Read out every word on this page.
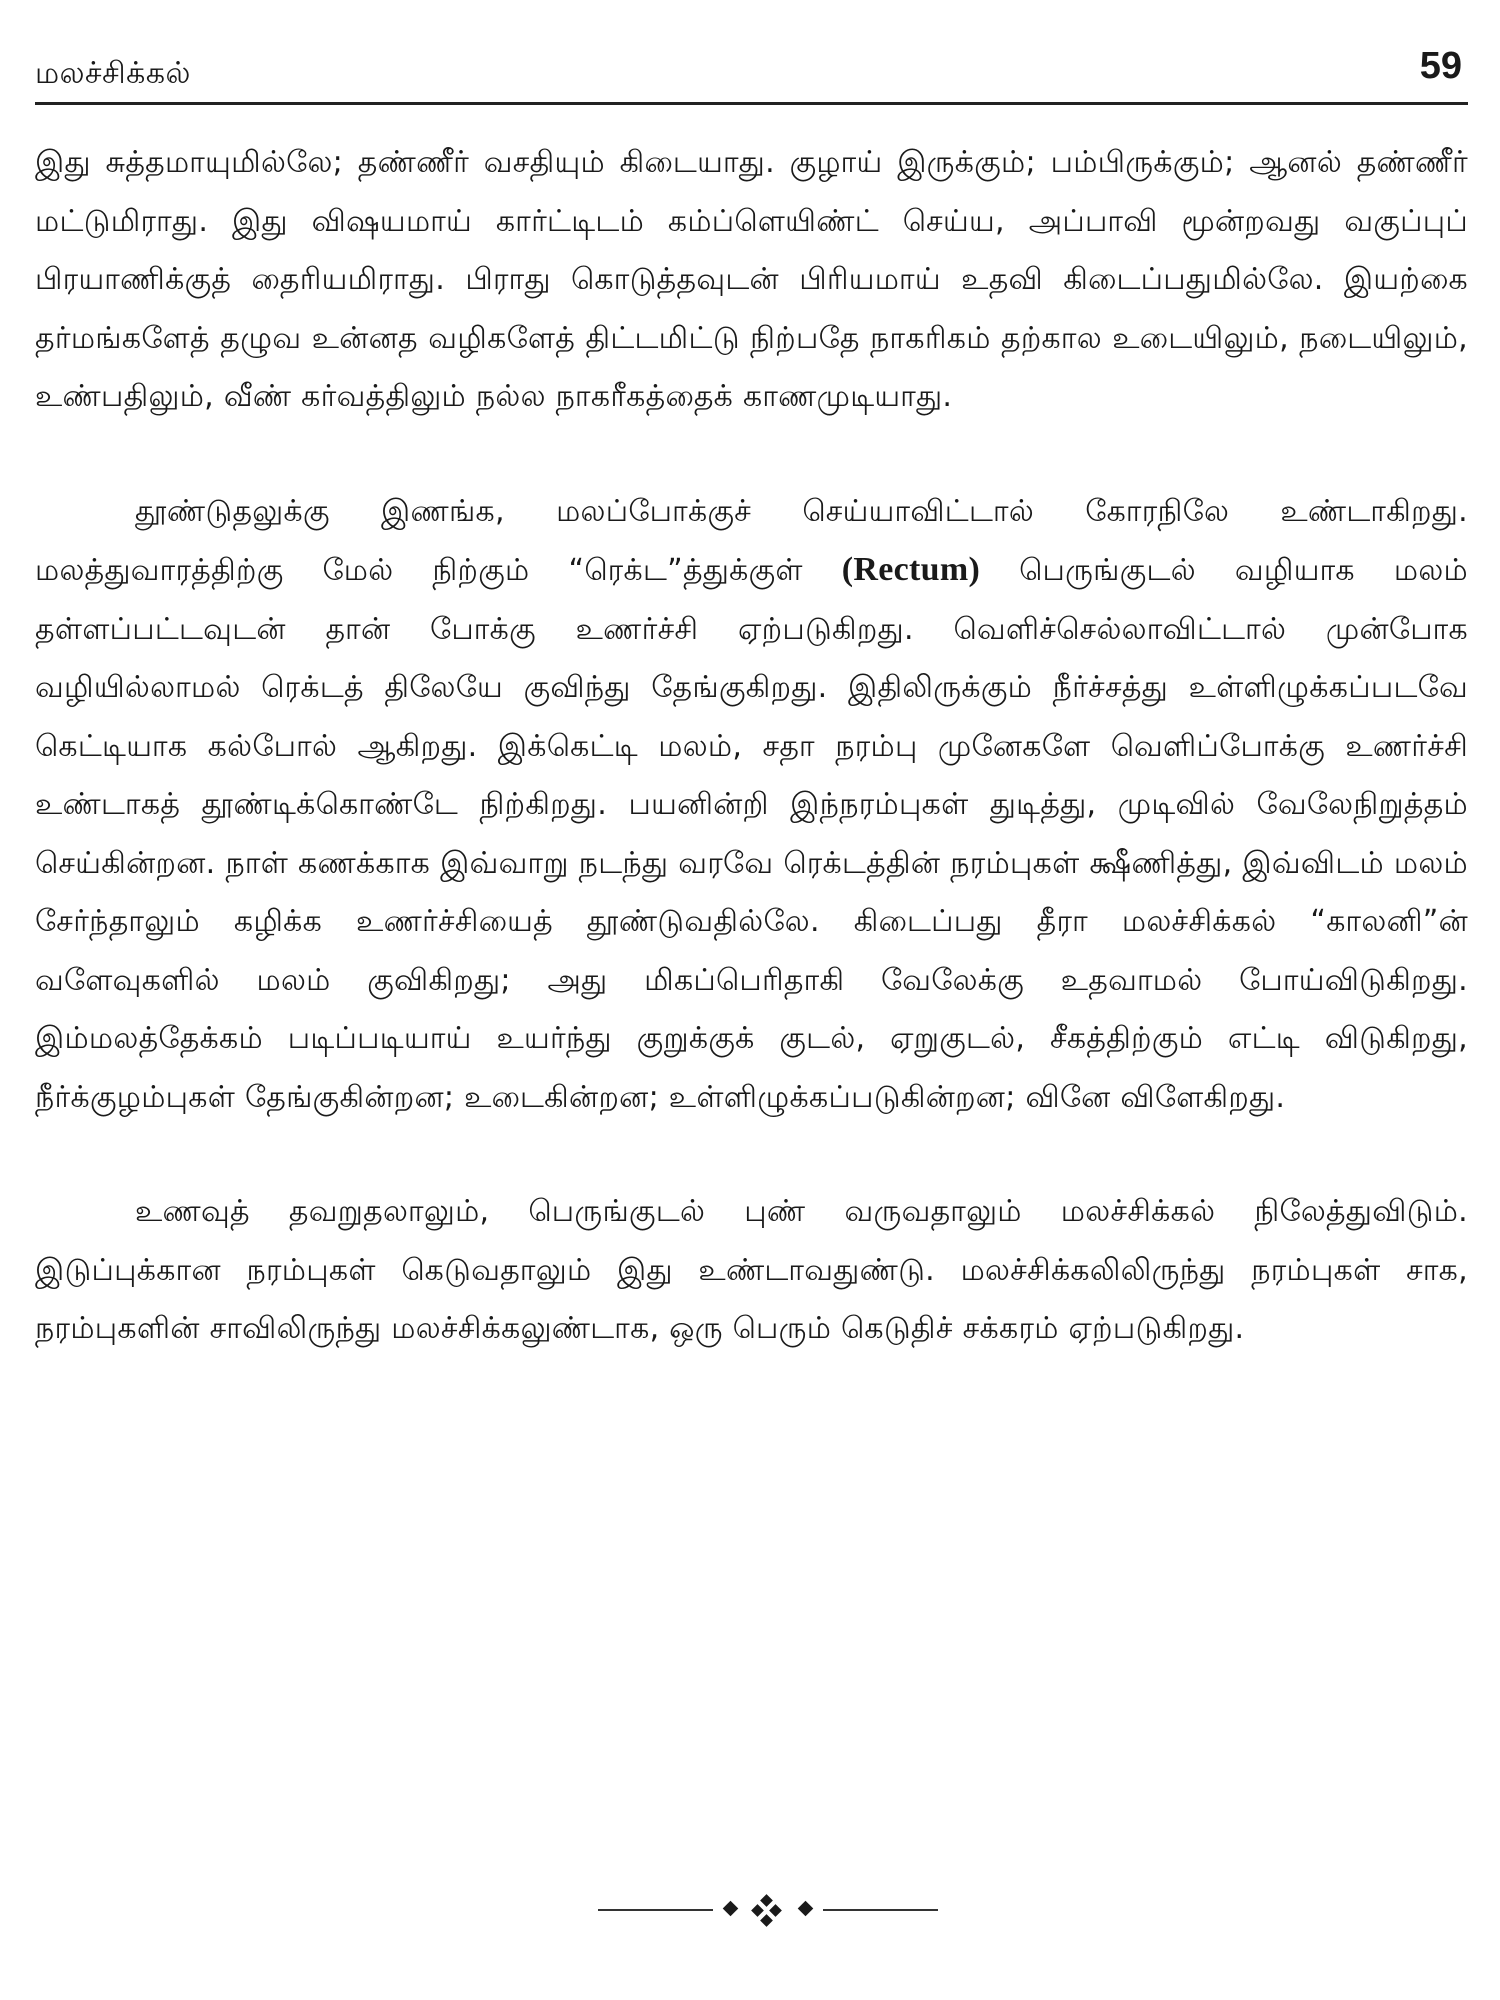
மலச்சிக்கல்	59

இது சுத்தமாயுமில்லே; தண்ணீர் வசதியும் கிடையாது. குழாய் இருக்கும்; பம்பிருக்கும்; ஆனல் தண்ணீர் மட்டுமிராது. இது விஷயமாய் கார்ட்டிடம் கம்ப்ளெயிண்ட் செய்ய, அப்பாவி மூன்றவது வகுப்புப் பிரயாணிக்குத் தைரியமிராது. பிராது கொடுத்தவுடன் பிரியமாய் உதவி கிடைப்பதுமில்லே. இயற்கை தர்மங்களேத் தழுவ உன்னத வழிகளேத் திட்டமிட்டு நிற்பதே நாகரிகம் தற்கால உடையிலும், நடையிலும், உண்பதிலும், வீண் கர்வத்திலும் நல்ல நாகரீகத்தைக் காணமுடியாது.

தூண்டுதலுக்கு இணங்க, மலப்போக்குச் செய்யாவிட்டால் கோரநிலே உண்டாகிறது. மலத்துவாரத்திற்கு மேல் நிற்கும் “ரெக்ட”த்துக்குள் (Rectum) பெருங்குடல் வழியாக மலம் தள்ளப்பட்டவுடன் தான் போக்கு உணர்ச்சி ஏற்படுகிறது. வெளிச்செல்லாவிட்டால் முன்போக வழியில்லாமல் ரெக்டத் திலேயே குவிந்து தேங்குகிறது. இதிலிருக்கும் நீர்ச்சத்து உள்ளிழுக்கப்படவே கெட்டியாக கல்போல் ஆகிறது. இக்கெட்டி மலம், சதா நரம்பு முனேகளே வெளிப்போக்கு உணர்ச்சி உண்டாகத் தூண்டிக்கொண்டே நிற்கிறது. பயனின்றி இந்நரம்புகள் துடித்து, முடிவில் வேலேநிறுத்தம் செய்கின்றன. நாள் கணக்காக இவ்வாறு நடந்து வரவே ரெக்டத்தின் நரம்புகள் க்ஷீணித்து, இவ்விடம் மலம் சேர்ந்தாலும் கழிக்க உணர்ச்சியைத் தூண்டுவதில்லே. கிடைப்பது தீரா மலச்சிக்கல் “காலனி”ன் வளேவுகளில் மலம் குவிகிறது; அது மிகப்பெரிதாகி வேலேக்கு உதவாமல் போய்விடுகிறது. இம்மலத்தேக்கம் படிப்படியாய் உயர்ந்து குறுக்குக் குடல், ஏறுகுடல், சீகத்திற்கும் எட்டி விடுகிறது, நீர்க்குழம்புகள் தேங்குகின்றன; உடைகின்றன; உள்ளிழுக்கப்படுகின்றன; வினே விளேகிறது.

உணவுத் தவறுதலாலும், பெருங்குடல் புண் வருவதாலும் மலச்சிக்கல் நிலேத்துவிடும். இடுப்புக்கான நரம்புகள் கெடுவதாலும் இது உண்டாவதுண்டு. மலச்சிக்கலிலிருந்து நரம்புகள் சாக, நரம்புகளின் சாவிலிருந்து மலச்சிக்கலுண்டாக, ஒரு பெரும் கெடுதிச் சக்கரம் ஏற்படுகிறது.
